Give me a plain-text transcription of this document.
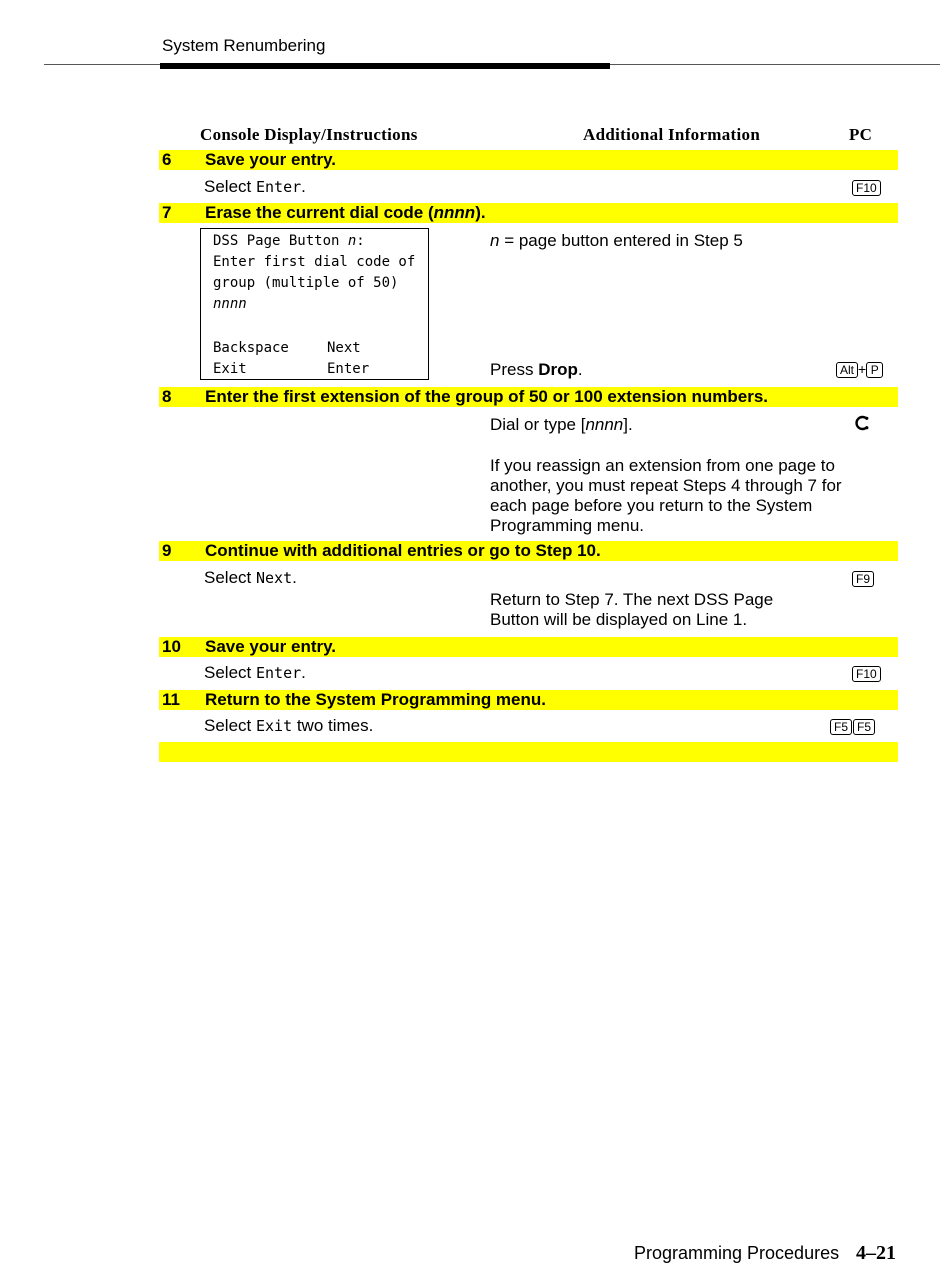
System Renumbering
Console Display/Instructions	Additional Information	PC
6 Save your entry.
Select Enter.	F10
7 Erase the current dial code (nnnn).
DSS Page Button n:
Enter first dial code of
group (multiple of 50)
nnnn
Backspace	Next
Exit	Enter
n = page button entered in Step 5
Press Drop.	Alt + P
8 Enter the first extension of the group of 50 or 100 extension numbers.
Dial or type [nnnn].
If you reassign an extension from one page to another, you must repeat Steps 4 through 7 for each page before you return to the System Programming menu.
9 Continue with additional entries or go to Step 10.
Select Next.	F9
Return to Step 7. The next DSS Page Button will be displayed on Line 1.
10 Save your entry.
Select Enter.	F10
11 Return to the System Programming menu.
Select Exit two times.	F5 F5
Programming Procedures 4–21
